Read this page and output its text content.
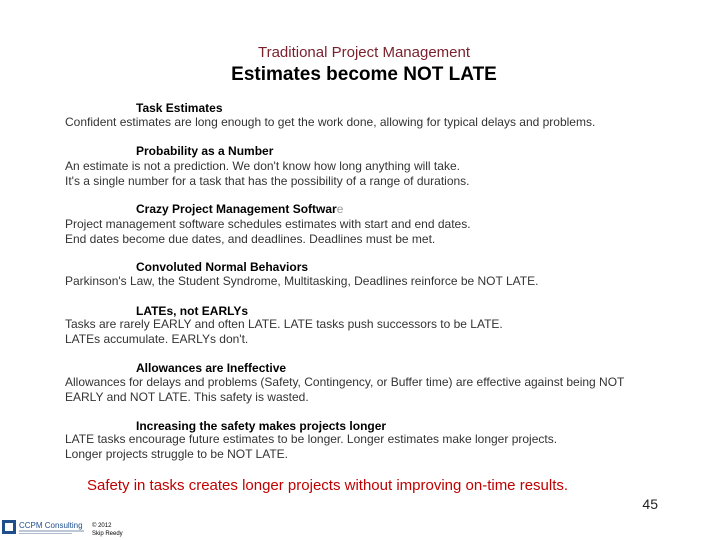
Traditional Project Management
Estimates become NOT LATE
Task Estimates
Confident estimates are long enough to get the work done, allowing for typical delays and problems.
Probability as a Number
An estimate is not a prediction. We don't know how long anything will take.
It's a single number for a task that has the possibility of a range of durations.
Crazy Project Management Software
Project management software schedules estimates with start and end dates.
End dates become due dates, and deadlines. Deadlines must be met.
Convoluted Normal Behaviors
Parkinson's Law, the Student Syndrome, Multitasking, Deadlines reinforce be NOT LATE.
LATEs, not EARLYs
Tasks are rarely EARLY and often LATE. LATE tasks push successors to be LATE.
LATEs accumulate. EARLYs don't.
Allowances are Ineffective
Allowances for delays and problems (Safety, Contingency, or Buffer time) are effective against being NOT
EARLY and NOT LATE. This safety is wasted.
Increasing the safety makes projects longer
LATE tasks encourage future estimates to be longer. Longer estimates make longer projects.
Longer projects struggle to be NOT LATE.
Safety in tasks creates longer projects without improving on-time results.
45
CCPM Consulting © 2012
Skip Reedy
